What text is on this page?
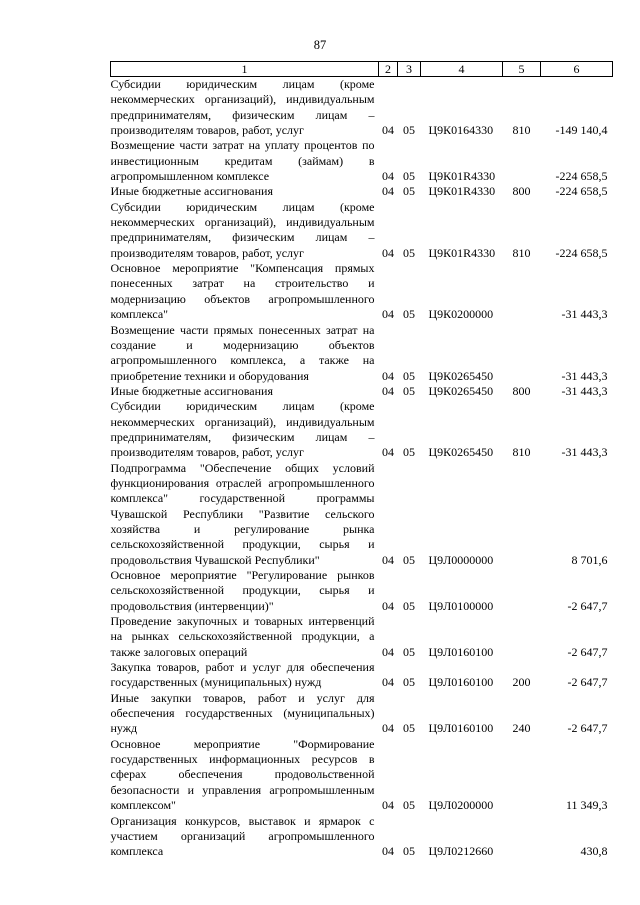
87
1	2	3	4	5	6
Субсидии юридическим лицам (кроме некоммерческих организаций), индивидуальным предпринимателям, физическим лицам – производителям товаров, работ, услуг	04	05	Ц9К0164330	810	-149 140,4
Возмещение части затрат на уплату процентов по инвестиционным кредитам (займам) в агропромышленном комплексе	04	05	Ц9К01R4330		-224 658,5
Иные бюджетные ассигнования	04	05	Ц9К01R4330	800	-224 658,5
Субсидии юридическим лицам (кроме некоммерческих организаций), индивидуальным предпринимателям, физическим лицам – производителям товаров, работ, услуг	04	05	Ц9К01R4330	810	-224 658,5
Основное мероприятие "Компенсация прямых понесенных затрат на строительство и модернизацию объектов агропромышленного комплекса"	04	05	Ц9К0200000		-31 443,3
Возмещение части прямых понесенных затрат на создание и модернизацию объектов агропромышленного комплекса, а также на приобретение техники и оборудования	04	05	Ц9К0265450		-31 443,3
Иные бюджетные ассигнования	04	05	Ц9К0265450	800	-31 443,3
Субсидии юридическим лицам (кроме некоммерческих организаций), индивидуальным предпринимателям, физическим лицам – производителям товаров, работ, услуг	04	05	Ц9К0265450	810	-31 443,3
Подпрограмма "Обеспечение общих условий функционирования отраслей агропромышленного комплекса" государственной программы Чувашской Республики "Развитие сельского хозяйства и регулирование рынка сельскохозяйственной продукции, сырья и продовольствия Чувашской Республики"	04	05	Ц9Л0000000		8 701,6
Основное мероприятие "Регулирование рынков сельскохозяйственной продукции, сырья и продовольствия (интервенции)"	04	05	Ц9Л0100000		-2 647,7
Проведение закупочных и товарных интервенций на рынках сельскохозяйственной продукции, а также залоговых операций	04	05	Ц9Л0160100		-2 647,7
Закупка товаров, работ и услуг для обеспечения государственных (муниципальных) нужд	04	05	Ц9Л0160100	200	-2 647,7
Иные закупки товаров, работ и услуг для обеспечения государственных (муниципальных) нужд	04	05	Ц9Л0160100	240	-2 647,7
Основное мероприятие "Формирование государственных информационных ресурсов в сферах обеспечения продовольственной безопасности и управления агропромышленным комплексом"	04	05	Ц9Л0200000		11 349,3
Организация конкурсов, выставок и ярмарок с участием организаций агропромышленного комплекса	04	05	Ц9Л0212660		430,8
